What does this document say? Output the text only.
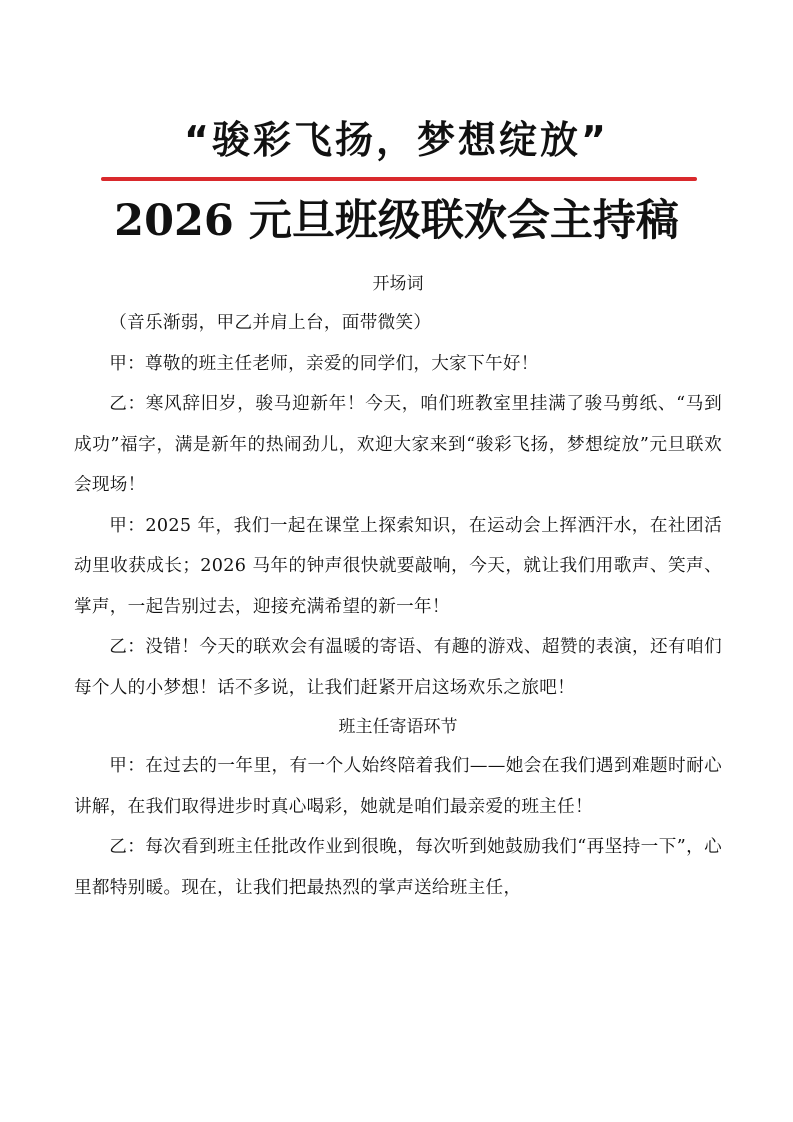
“骏彩飞扬，梦想绽放”
2026 元旦班级联欢会主持稿
开场词

（音乐渐弱，甲乙并肩上台，面带微笑）

甲：尊敬的班主任老师，亲爱的同学们，大家下午好！

乙：寒风辞旧岁，骏马迎新年！今天，咱们班教室里挂满了骏马剪纸、“马到成功”福字，满是新年的热闹劲儿，欢迎大家来到“骏彩飞扬，梦想绽放”元旦联欢会现场！

甲：2025 年，我们一起在课堂上探索知识，在运动会上挥洒汗水，在社团活动里收获成长；2026 马年的钟声很快就要敲响，今天，就让我们用歌声、笑声、掌声，一起告别过去，迎接充满希望的新一年！

乙：没错！今天的联欢会有温暖的寄语、有趣的游戏、超赞的表演，还有咱们每个人的小梦想！话不多说，让我们赶紧开启这场欢乐之旅吧！

班主任寄语环节

甲：在过去的一年里，有一个人始终陪着我们——她会在我们遇到难题时耐心讲解，在我们取得进步时真心喝彩，她就是咱们最亲爱的班主任！

乙：每次看到班主任批改作业到很晚，每次听到她鼓励我们“再坚持一下”，心里都特别暖。现在，让我们把最热烈的掌声送给班主任，
